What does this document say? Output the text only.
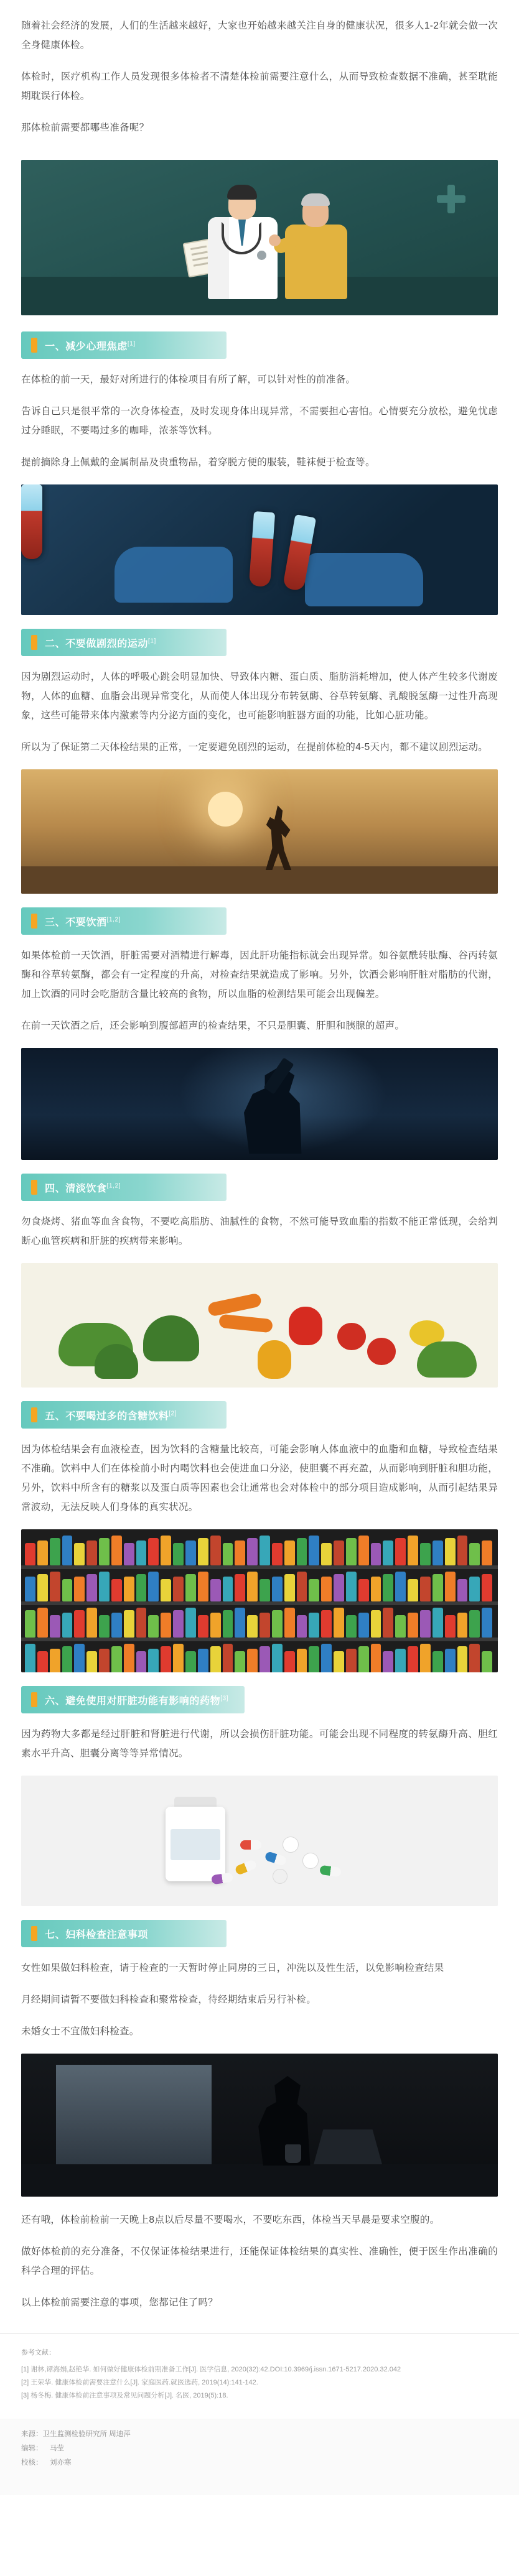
随着社会经济的发展，人们的生活越来越好，大家也开始越来越关注自身的健康状况，很多人1-2年就会做一次全身健康体检。

体检时，医疗机构工作人员发现很多体检者不清楚体检前需要注意什么，从而导致检查数据不准确，甚至耽能期耽误行体检。

那体检前需要都哪些准备呢？

一、减少心理焦虑[1]

在体检的前一天，最好对所进行的体检项目有所了解，可以针对性的前准备。

告诉自己只是很平常的一次身体检查，及时发现身体出现异常，不需要担心害怕。心情要充分放松，避免忧虑过分睡眠，不要喝过多的咖啡，浓茶等饮料。

提前摘除身上佩戴的金属制品及贵重物品，着穿脱方便的服装，鞋袜便于检查等。

二、不要做剧烈的运动[1]

因为剧烈运动时，人体的呼吸心跳会明显加快、导致体内糖、蛋白质、脂肪消耗增加，使人体产生较多代谢废物，人体的血糖、血脂会出现异常变化，从而使人体出现分布转氨酶、谷草转氨酶、乳酸脱氢酶一过性升高现象，这些可能带来体内激素等内分泌方面的变化，也可能影响脏器方面的功能，比如心脏功能。

所以为了保证第二天体检结果的正常，一定要避免剧烈的运动，在提前体检的4-5天内，都不建议剧烈运动。

三、不要饮酒[1,2]

如果体检前一天饮酒，肝脏需要对酒精进行解毒，因此肝功能指标就会出现异常。如谷氨酰转肽酶、谷丙转氨酶和谷草转氨酶，都会有一定程度的升高，对检查结果就造成了影响。另外，饮酒会影响肝脏对脂肪的代谢，加上饮酒的同时会吃脂肪含量比较高的食物，所以血脂的检测结果可能会出现偏差。

在前一天饮酒之后，还会影响到腹部超声的检查结果，不只是胆囊、肝胆和胰腺的超声。

四、清淡饮食[1,2]

勿食烧烤、猪血等血含食物，不要吃高脂肪、油腻性的食物，不然可能导致血脂的指数不能正常低现，会给判断心血管疾病和肝脏的疾病带来影响。

五、不要喝过多的含糖饮料[2]

因为体检结果会有血液检查，因为饮料的含糖量比较高，可能会影响人体血液中的血脂和血糖，导致检查结果不准确。饮料中人们在体检前小时内喝饮料也会使进血口分泌，使胆囊不再充盈，从而影响到肝脏和胆功能，另外，饮料中所含有的糖浆以及蛋白质等因素也会让通常也会对体检中的部分项目造成影响，从而引起结果异常波动，无法反映人们身体的真实状况。

六、避免使用对肝脏功能有影响的药物[3]

因为药物大多都是经过肝脏和肾脏进行代谢，所以会损伤肝脏功能。可能会出现不同程度的转氨酶升高、胆红素水平升高、胆囊分离等等异常情况。

七、妇科检查注意事项

女性如果做妇科检查，请于检查的一天暂时停止同房的三日，冲洗以及性生活，以免影响检查结果

月经期间请暂不要做妇科检查和聚常检查，待经期结束后另行补检。

未婚女士不宜做妇科检查。

还有哦，体检前检前一天晚上8点以后尽量不要喝水，不要吃东西，体检当天早晨是要求空腹的。

做好体检前的充分准备，不仅保证体检结果进行，还能保证体检结果的真实性、准确性，便于医生作出准确的科学合理的评估。

以上体检前需要注意的事项，您都记住了吗？

参考文献：
[1] 谢林,谭海娟,赵艳华. 如何做好健康体检前期准备工作[J]. 医学信息, 2020(32):42.DOI:10.3969/j.issn.1671-5217.2020.32.042
[2] 王荣华. 健康体检前需要注意什么[J]. 家庭医药.就医选药, 2019(14):141-142.
[3] 杨冬梅. 健康体检前注意事项及常见问题分析[J]. 名医, 2019(5):18.
来源：卫生监测检验研究所 周迪萍
编辑： 马莹
校核： 刘亦寒
